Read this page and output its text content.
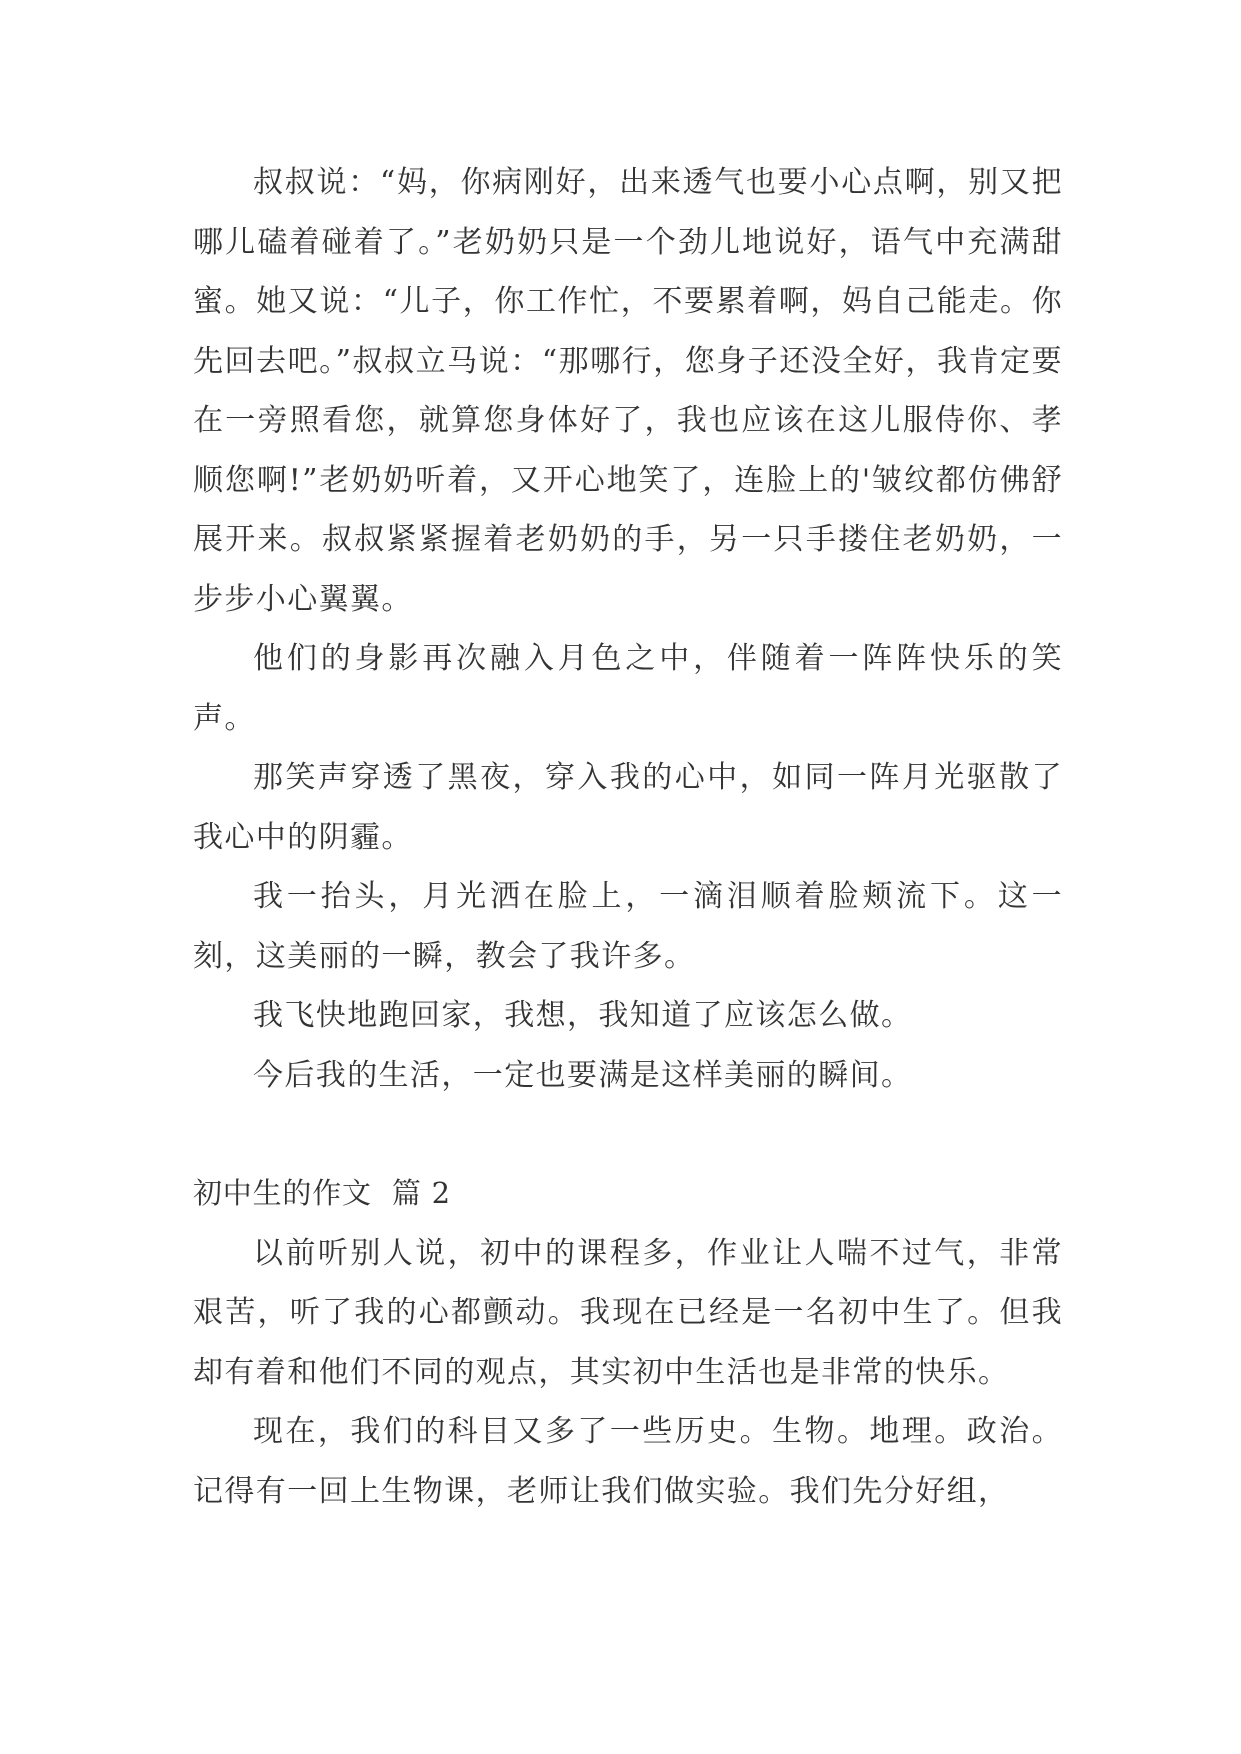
叔叔说：“妈，你病刚好，出来透气也要小心点啊，别又把哪儿磕着碰着了。”老奶奶只是一个劲儿地说好，语气中充满甜蜜。她又说：“儿子，你工作忙，不要累着啊，妈自己能走。你先回去吧。”叔叔立马说：“那哪行，您身子还没全好，我肯定要在一旁照看您，就算您身体好了，我也应该在这儿服侍你、孝顺您啊!”老奶奶听着，又开心地笑了，连脸上的'皱纹都仿佛舒展开来。叔叔紧紧握着老奶奶的手，另一只手搂住老奶奶，一步步小心翼翼。

他们的身影再次融入月色之中，伴随着一阵阵快乐的笑声。

那笑声穿透了黑夜，穿入我的心中，如同一阵月光驱散了我心中的阴霾。

我一抬头，月光洒在脸上，一滴泪顺着脸颊流下。这一刻，这美丽的一瞬，教会了我许多。

我飞快地跑回家，我想，我知道了应该怎么做。

今后我的生活，一定也要满是这样美丽的瞬间。

初中生的作文  篇 2

以前听别人说，初中的课程多，作业让人喘不过气，非常艰苦，听了我的心都颤动。我现在已经是一名初中生了。但我却有着和他们不同的观点，其实初中生活也是非常的快乐。

现在，我们的科目又多了一些历史。生物。地理。政治。记得有一回上生物课，老师让我们做实验。我们先分好组，
